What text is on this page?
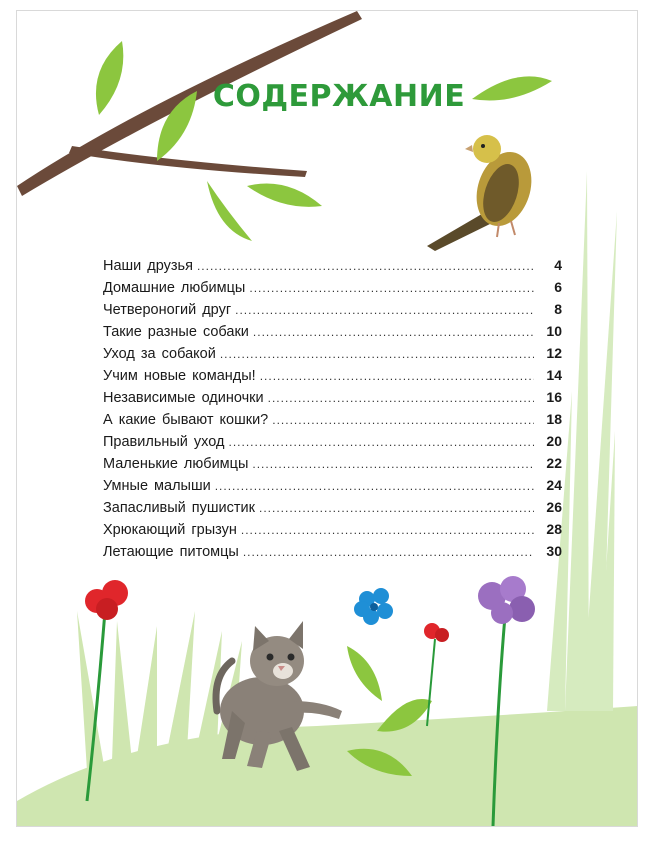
СОДЕРЖАНИЕ
Наши друзья .....	4
Домашние любимцы .....	6
Четвероногий друг .....	8
Такие разные собаки .....	10
Уход за собакой .....	12
Учим новые команды! .....	14
Независимые одиночки .....	16
А какие бывают кошки? .....	18
Правильный уход .....	20
Маленькие любимцы .....	22
Умные малыши .....	24
Запасливый пушистик .....	26
Хрюкающий грызун .....	28
Летающие питомцы .....	30
